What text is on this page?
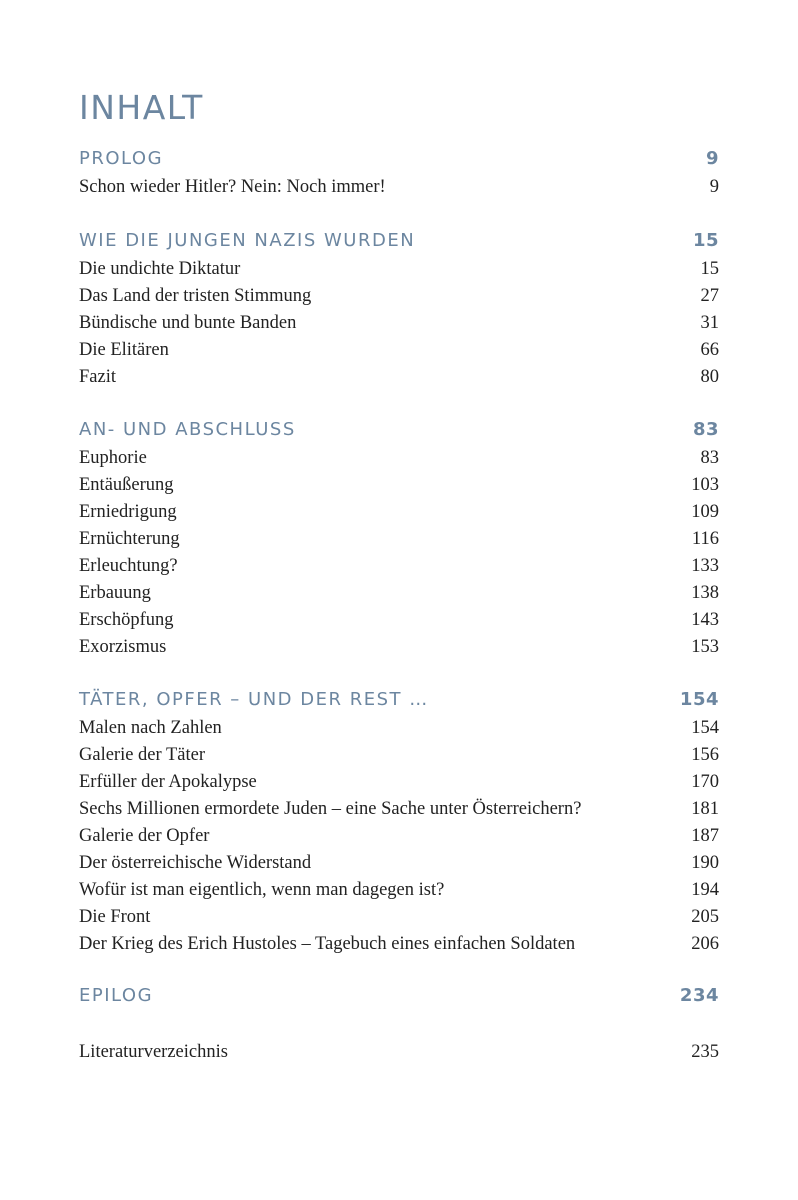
INHALT
PROLOG	9
Schon wieder Hitler? Nein: Noch immer!	9
WIE DIE JUNGEN NAZIS WURDEN	15
Die undichte Diktatur	15
Das Land der tristen Stimmung	27
Bündische und bunte Banden	31
Die Elitären	66
Fazit	80
AN- UND ABSCHLUSS	83
Euphorie	83
Entäußerung	103
Erniedrigung	109
Ernüchterung	116
Erleuchtung?	133
Erbauung	138
Erschöpfung	143
Exorzismus	153
TÄTER, OPFER – UND DER REST …	154
Malen nach Zahlen	154
Galerie der Täter	156
Erfüller der Apokalypse	170
Sechs Millionen ermordete Juden – eine Sache unter Österreichern?	181
Galerie der Opfer	187
Der österreichische Widerstand	190
Wofür ist man eigentlich, wenn man dagegen ist?	194
Die Front	205
Der Krieg des Erich Hustoles – Tagebuch eines einfachen Soldaten	206
EPILOG	234
Literaturverzeichnis	235
